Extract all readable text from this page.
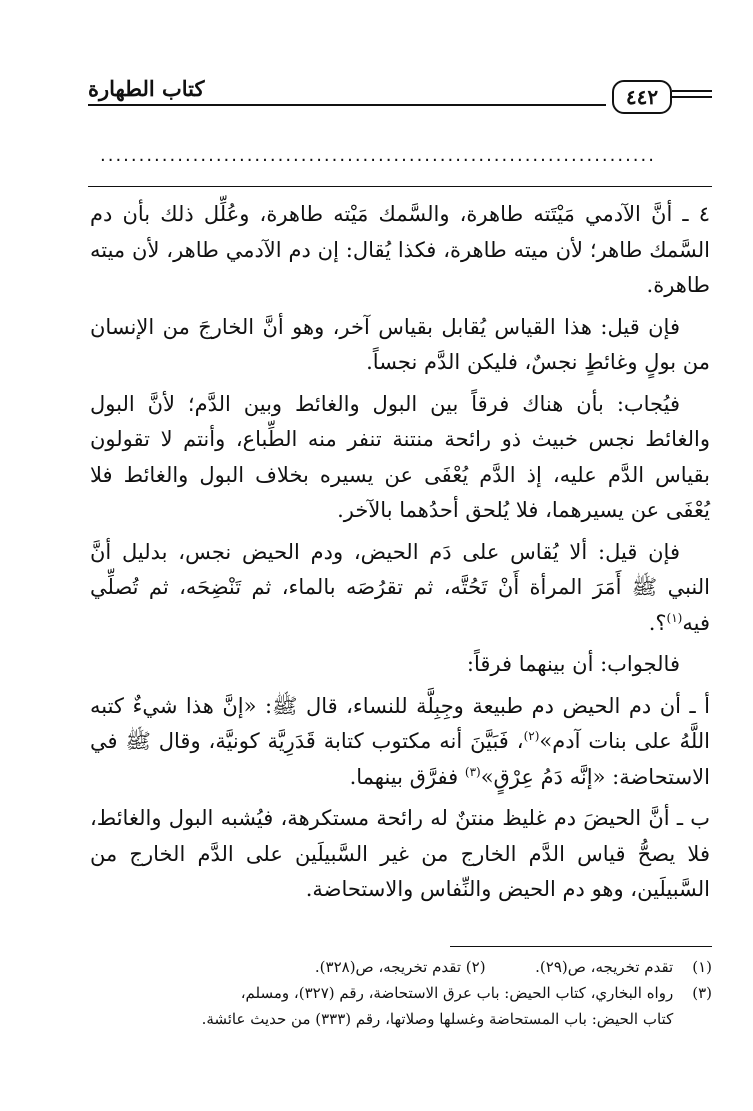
٤٤٢
كتاب الطهارة
........................................................................

٤ ـ أنَّ الآدمي مَيْتَته طاهرة، والسَّمك مَيْته طاهرة، وعُلِّل ذلك بأن دم السَّمك طاهر؛ لأن ميته طاهرة، فكذا يُقال: إن دم الآدمي طاهر، لأن ميته طاهرة.

فإن قيل: هذا القياس يُقابل بقياس آخر، وهو أنَّ الخارجَ من الإنسان من بولٍ وغائطٍ نجسٌ، فليكن الدَّم نجساً.

فيُجاب: بأن هناك فرقاً بين البول والغائط وبين الدَّم؛ لأنَّ البول والغائط نجس خبيث ذو رائحة منتنة تنفر منه الطِّباع، وأنتم لا تقولون بقياس الدَّم عليه، إذ الدَّم يُعْفَى عن يسيره بخلاف البول والغائط فلا يُعْفَى عن يسيرهما، فلا يُلحق أحدُهما بالآخر.

فإن قيل: ألا يُقاس على دَم الحيض، ودم الحيض نجس، بدليل أنَّ النبي ﷺ أَمَرَ المرأة أَنْ تَحُتَّه، ثم تقرُصَه بالماء، ثم تَنْضِحَه، ثم تُصلِّي فيه$^{(١)}$؟.

فالجواب: أن بينهما فرقاً:

أ ـ أن دم الحيض دم طبيعة وجِبِلَّة للنساء، قال ﷺ: «إنَّ هذا شيءٌ كتبه اللَّهُ على بنات آدم»$^{(٢)}$، فَبَيَّنَ أنه مكتوب كتابة قَدَرِيَّة كونيَّة، وقال ﷺ في الاستحاضة: «إنَّه دَمُ عِرْقٍ»$^{(٣)}$ ففرَّق بينهما.

ب ـ أنَّ الحيضَ دم غليظ منتنٌ له رائحة مستكرهة، فيُشبه البول والغائط، فلا يصحُّ قياس الدَّم الخارج من غير السَّبيلَين على الدَّم الخارج من السَّبيلَين، وهو دم الحيض والنِّفاس والاستحاضة.

(١) تقدم تخريجه، ص(٢٩).  (٢) تقدم تخريجه، ص(٣٢٨).
(٣) رواه البخاري، كتاب الحيض: باب عرق الاستحاضة، رقم (٣٢٧)، ومسلم،
كتاب الحيض: باب المستحاضة وغسلها وصلاتها، رقم (٣٣٣) من حديث عائشة.
